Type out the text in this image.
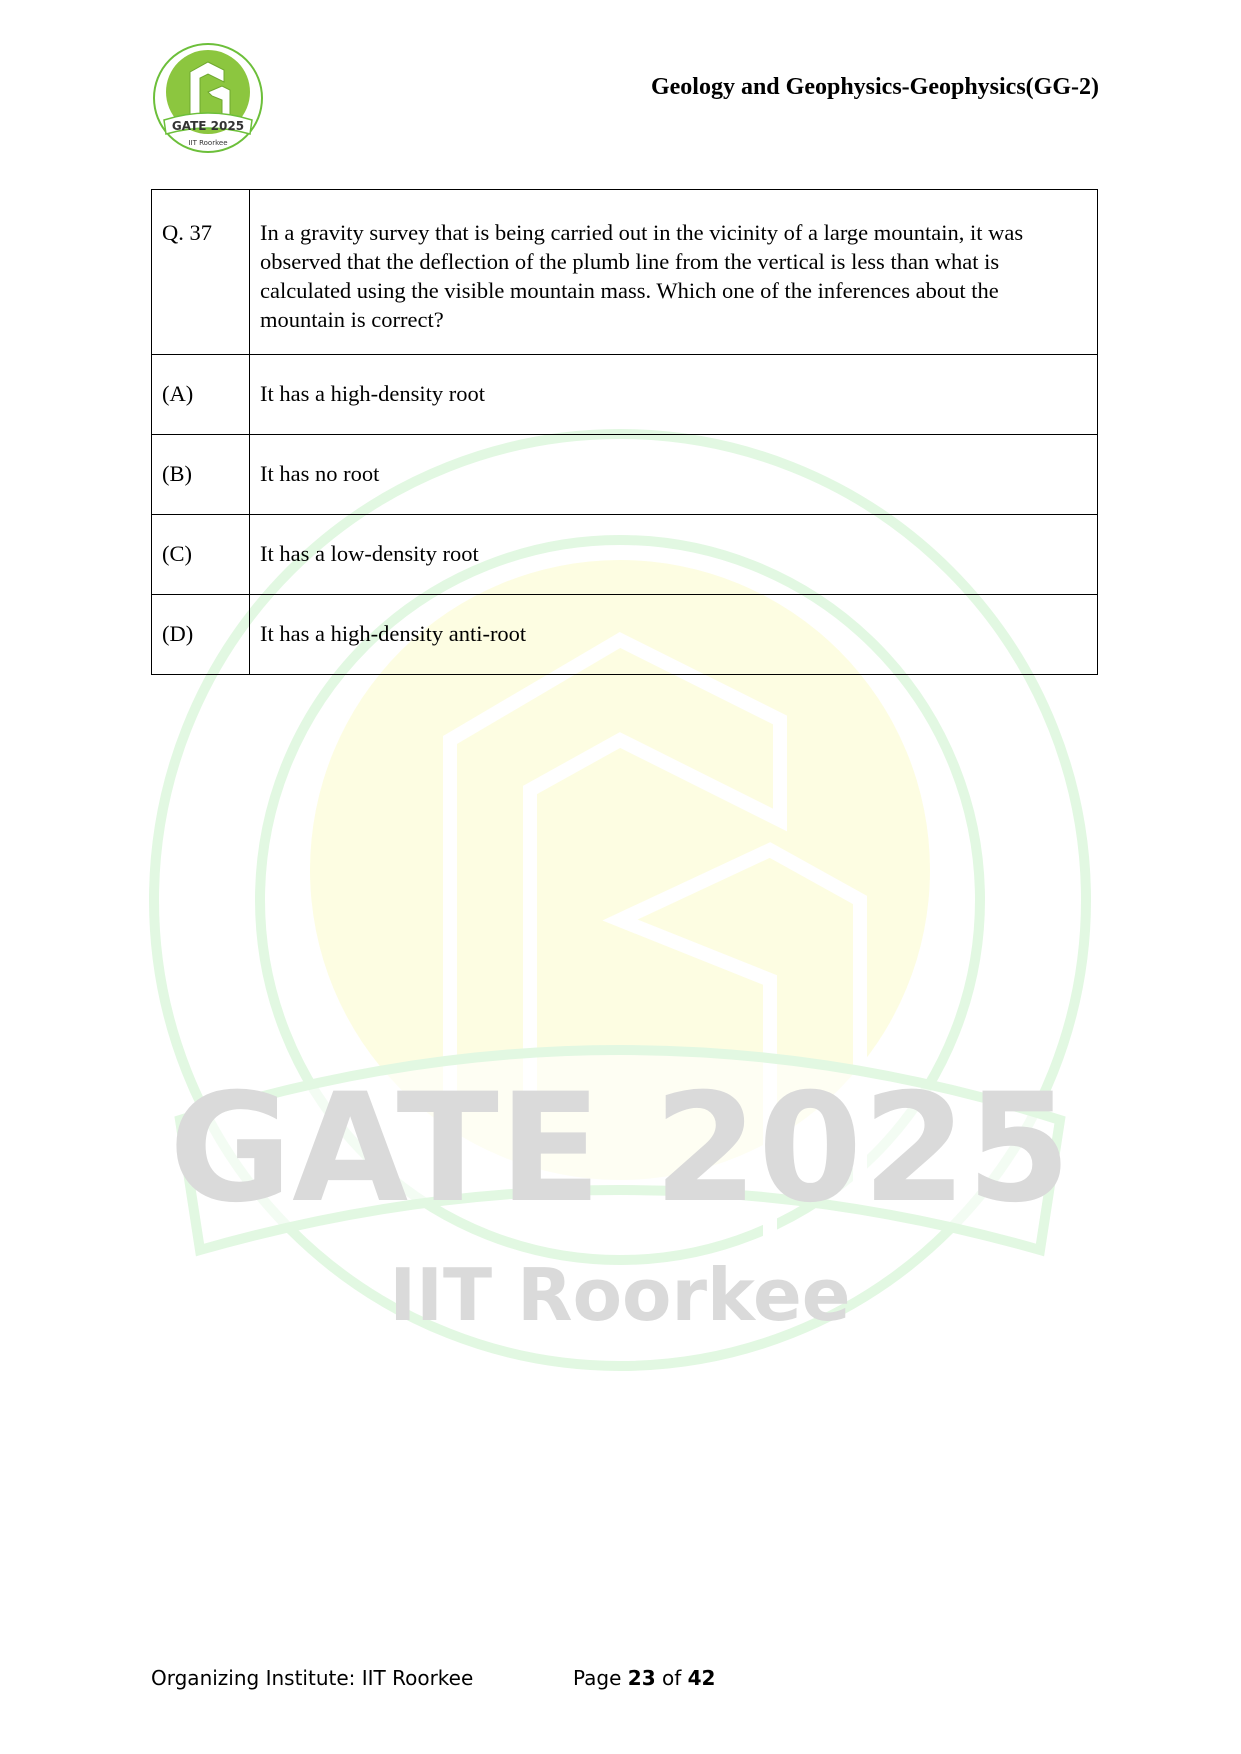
GATE 2025
IIT Roorkee
Geology and Geophysics-Geophysics(GG-2)
GATE 2025
IIT Roorkee
Q. 37	In a gravity survey that is being carried out in the vicinity of a large mountain, it was observed that the deflection of the plumb line from the vertical is less than what is calculated using the visible mountain mass. Which one of the inferences about the mountain is correct?
(A)	It has a high-density root
(B)	It has no root
(C)	It has a low-density root
(D)	It has a high-density anti-root
Organizing Institute: IIT Roorkee	Page 23 of 42
